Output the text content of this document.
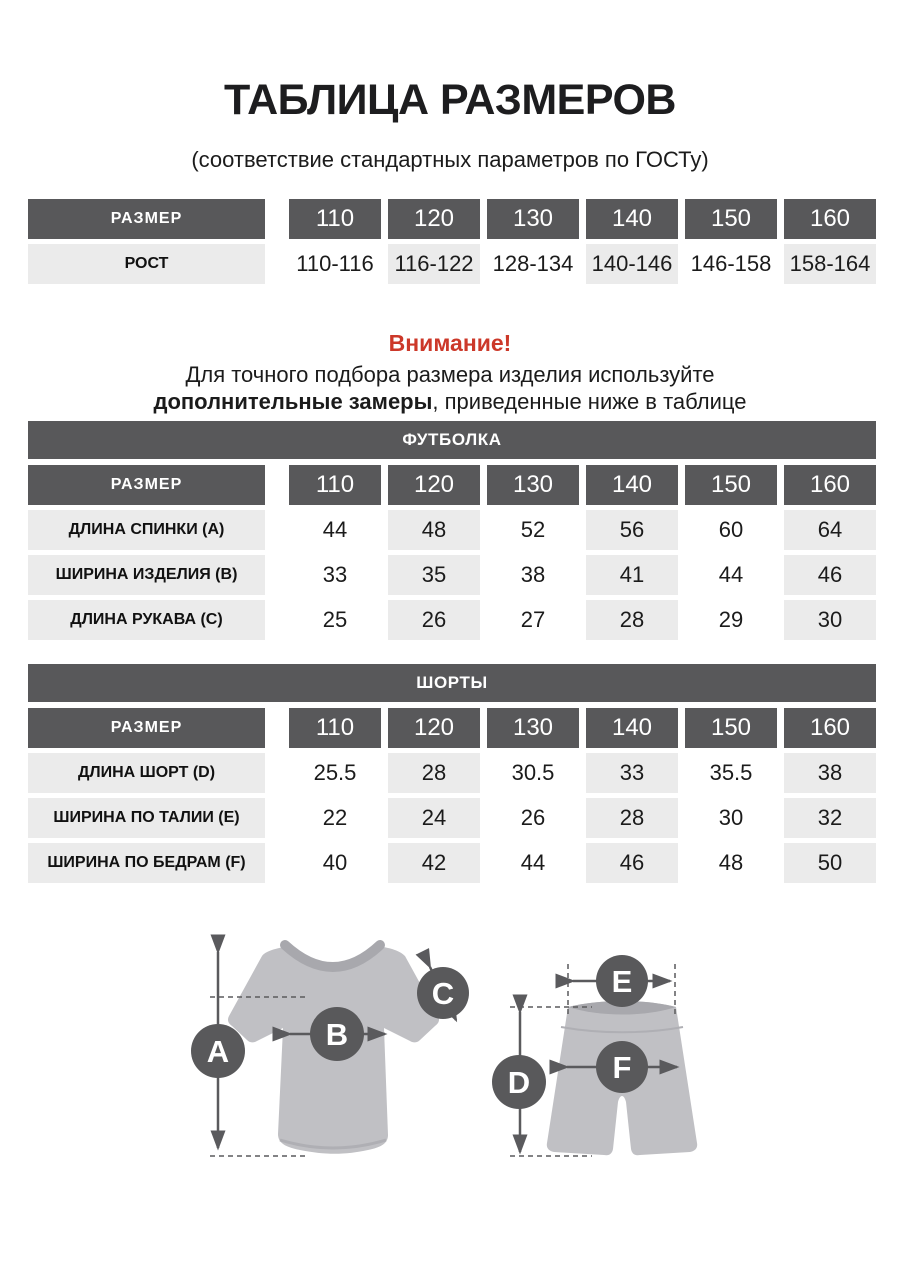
ТАБЛИЦА РАЗМЕРОВ
(соответствие стандартных параметров по ГОСТу)
РАЗМЕР	110	120	130	140	150	160
РОСТ	110-116 116-122 128-134 140-146 146-158 158-164
Внимание!
Для точного подбора размера изделия используйте
дополнительные замеры, приведенные ниже в таблице
ФУТБОЛКА
РАЗМЕР	110	120	130	140	150	160
ДЛИНА СПИНКИ (A)	44	48	52	56	60	64
ШИРИНА ИЗДЕЛИЯ (B)	33	35	38	41	44	46
ДЛИНА РУКАВА (C)	25	26	27	28	29	30
ШОРТЫ
РАЗМЕР	110	120	130	140	150	160
ДЛИНА ШОРТ (D)	25.5	28	30.5	33	35.5	38
ШИРИНА ПО ТАЛИИ (E)	22	24	26	28	30	32
ШИРИНА ПО БЕДРАМ (F)	40	42	44	46	48	50
A	B
C
D
E
F
